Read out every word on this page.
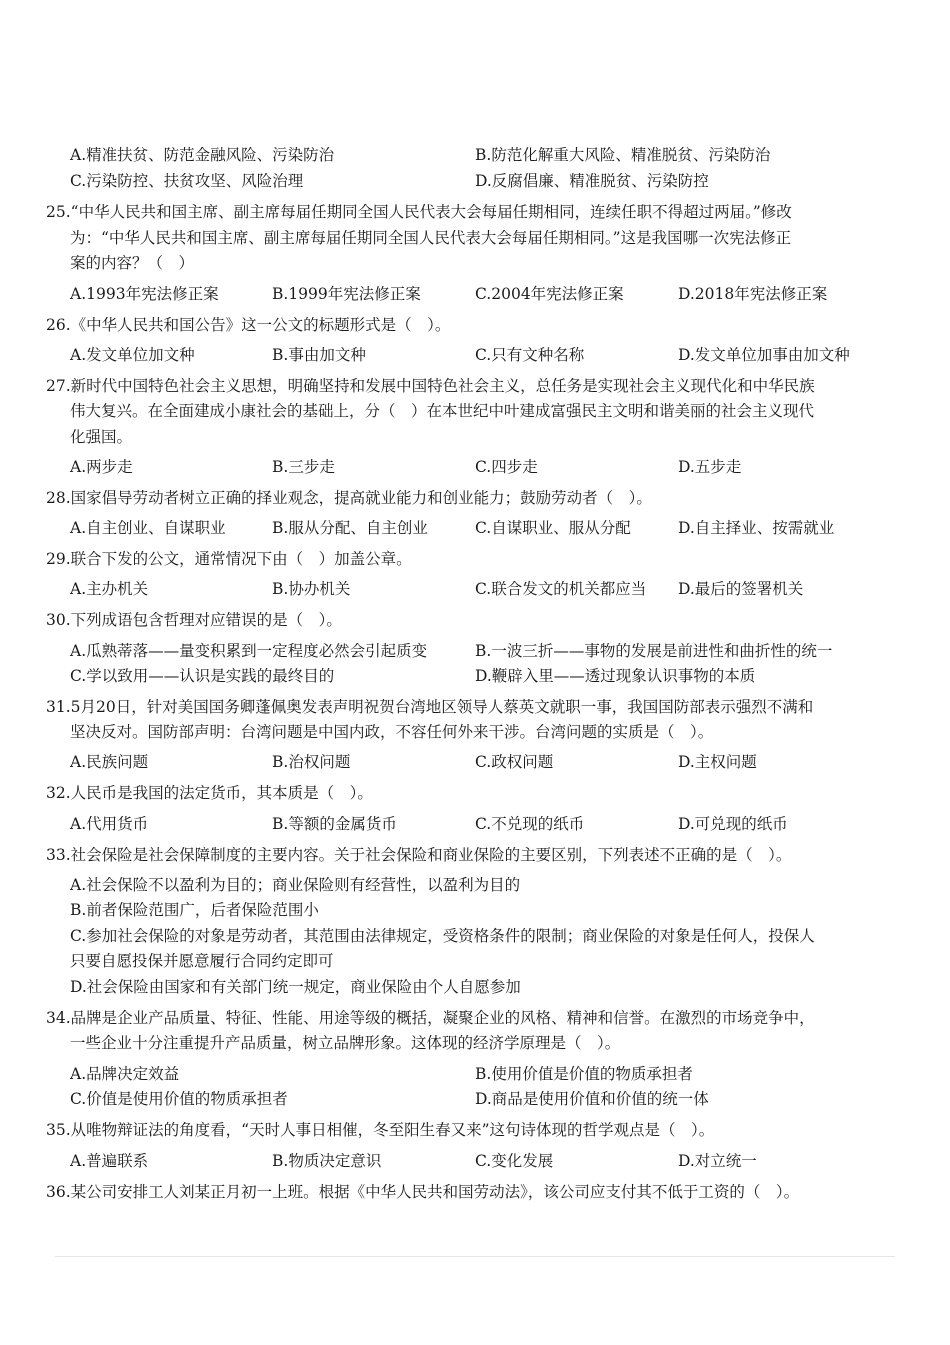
A.精准扶贫、防范金融风险、污染防治	B.防范化解重大风险、精准脱贫、污染防治
C.污染防控、扶贫攻坚、风险治理	D.反腐倡廉、精准脱贫、污染防控
25.“中华人民共和国主席、副主席每届任期同全国人民代表大会每届任期相同，连续任职不得超过两届。”修改
为：“中华人民共和国主席、副主席每届任期同全国人民代表大会每届任期相同。”这是我国哪一次宪法修正
案的内容？（　）
A.1993年宪法修正案	B.1999年宪法修正案	C.2004年宪法修正案	D.2018年宪法修正案
26.《中华人民共和国公告》这一公文的标题形式是（　）。
A.发文单位加文种	B.事由加文种	C.只有文种名称	D.发文单位加事由加文种
27.新时代中国特色社会主义思想，明确坚持和发展中国特色社会主义，总任务是实现社会主义现代化和中华民族
伟大复兴。在全面建成小康社会的基础上，分（　）在本世纪中叶建成富强民主文明和谐美丽的社会主义现代
化强国。
A.两步走	B.三步走	C.四步走	D.五步走
28.国家倡导劳动者树立正确的择业观念，提高就业能力和创业能力；鼓励劳动者（　）。
A.自主创业、自谋职业	B.服从分配、自主创业	C.自谋职业、服从分配	D.自主择业、按需就业
29.联合下发的公文，通常情况下由（　）加盖公章。
A.主办机关	B.协办机关	C.联合发文的机关都应当 D.最后的签署机关
30.下列成语包含哲理对应错误的是（　）。
A.瓜熟蒂落——量变积累到一定程度必然会引起质变	B.一波三折——事物的发展是前进性和曲折性的统一
C.学以致用——认识是实践的最终目的	D.鞭辟入里——透过现象认识事物的本质
31.5月20日，针对美国国务卿蓬佩奥发表声明祝贺台湾地区领导人蔡英文就职一事，我国国防部表示强烈不满和
坚决反对。国防部声明：台湾问题是中国内政，不容任何外来干涉。台湾问题的实质是（　）。
A.民族问题	B.治权问题	C.政权问题	D.主权问题
32.人民币是我国的法定货币，其本质是（　）。
A.代用货币	B.等额的金属货币	C.不兑现的纸币	D.可兑现的纸币
33.社会保险是社会保障制度的主要内容。关于社会保险和商业保险的主要区别，下列表述不正确的是（　）。
A.社会保险不以盈利为目的；商业保险则有经营性，以盈利为目的
B.前者保险范围广，后者保险范围小
C.参加社会保险的对象是劳动者，其范围由法律规定，受资格条件的限制；商业保险的对象是任何人，投保人
只要自愿投保并愿意履行合同约定即可
D.社会保险由国家和有关部门统一规定，商业保险由个人自愿参加
34.品牌是企业产品质量、特征、性能、用途等级的概括，凝聚企业的风格、精神和信誉。在激烈的市场竞争中，
一些企业十分注重提升产品质量，树立品牌形象。这体现的经济学原理是（　）。
A.品牌决定效益	B.使用价值是价值的物质承担者
C.价值是使用价值的物质承担者	D.商品是使用价值和价值的统一体
35.从唯物辩证法的角度看，“天时人事日相催，冬至阳生春又来”这句诗体现的哲学观点是（　）。
A.普遍联系	B.物质决定意识	C.变化发展	D.对立统一
36.某公司安排工人刘某正月初一上班。根据《中华人民共和国劳动法》，该公司应支付其不低于工资的（　）。
